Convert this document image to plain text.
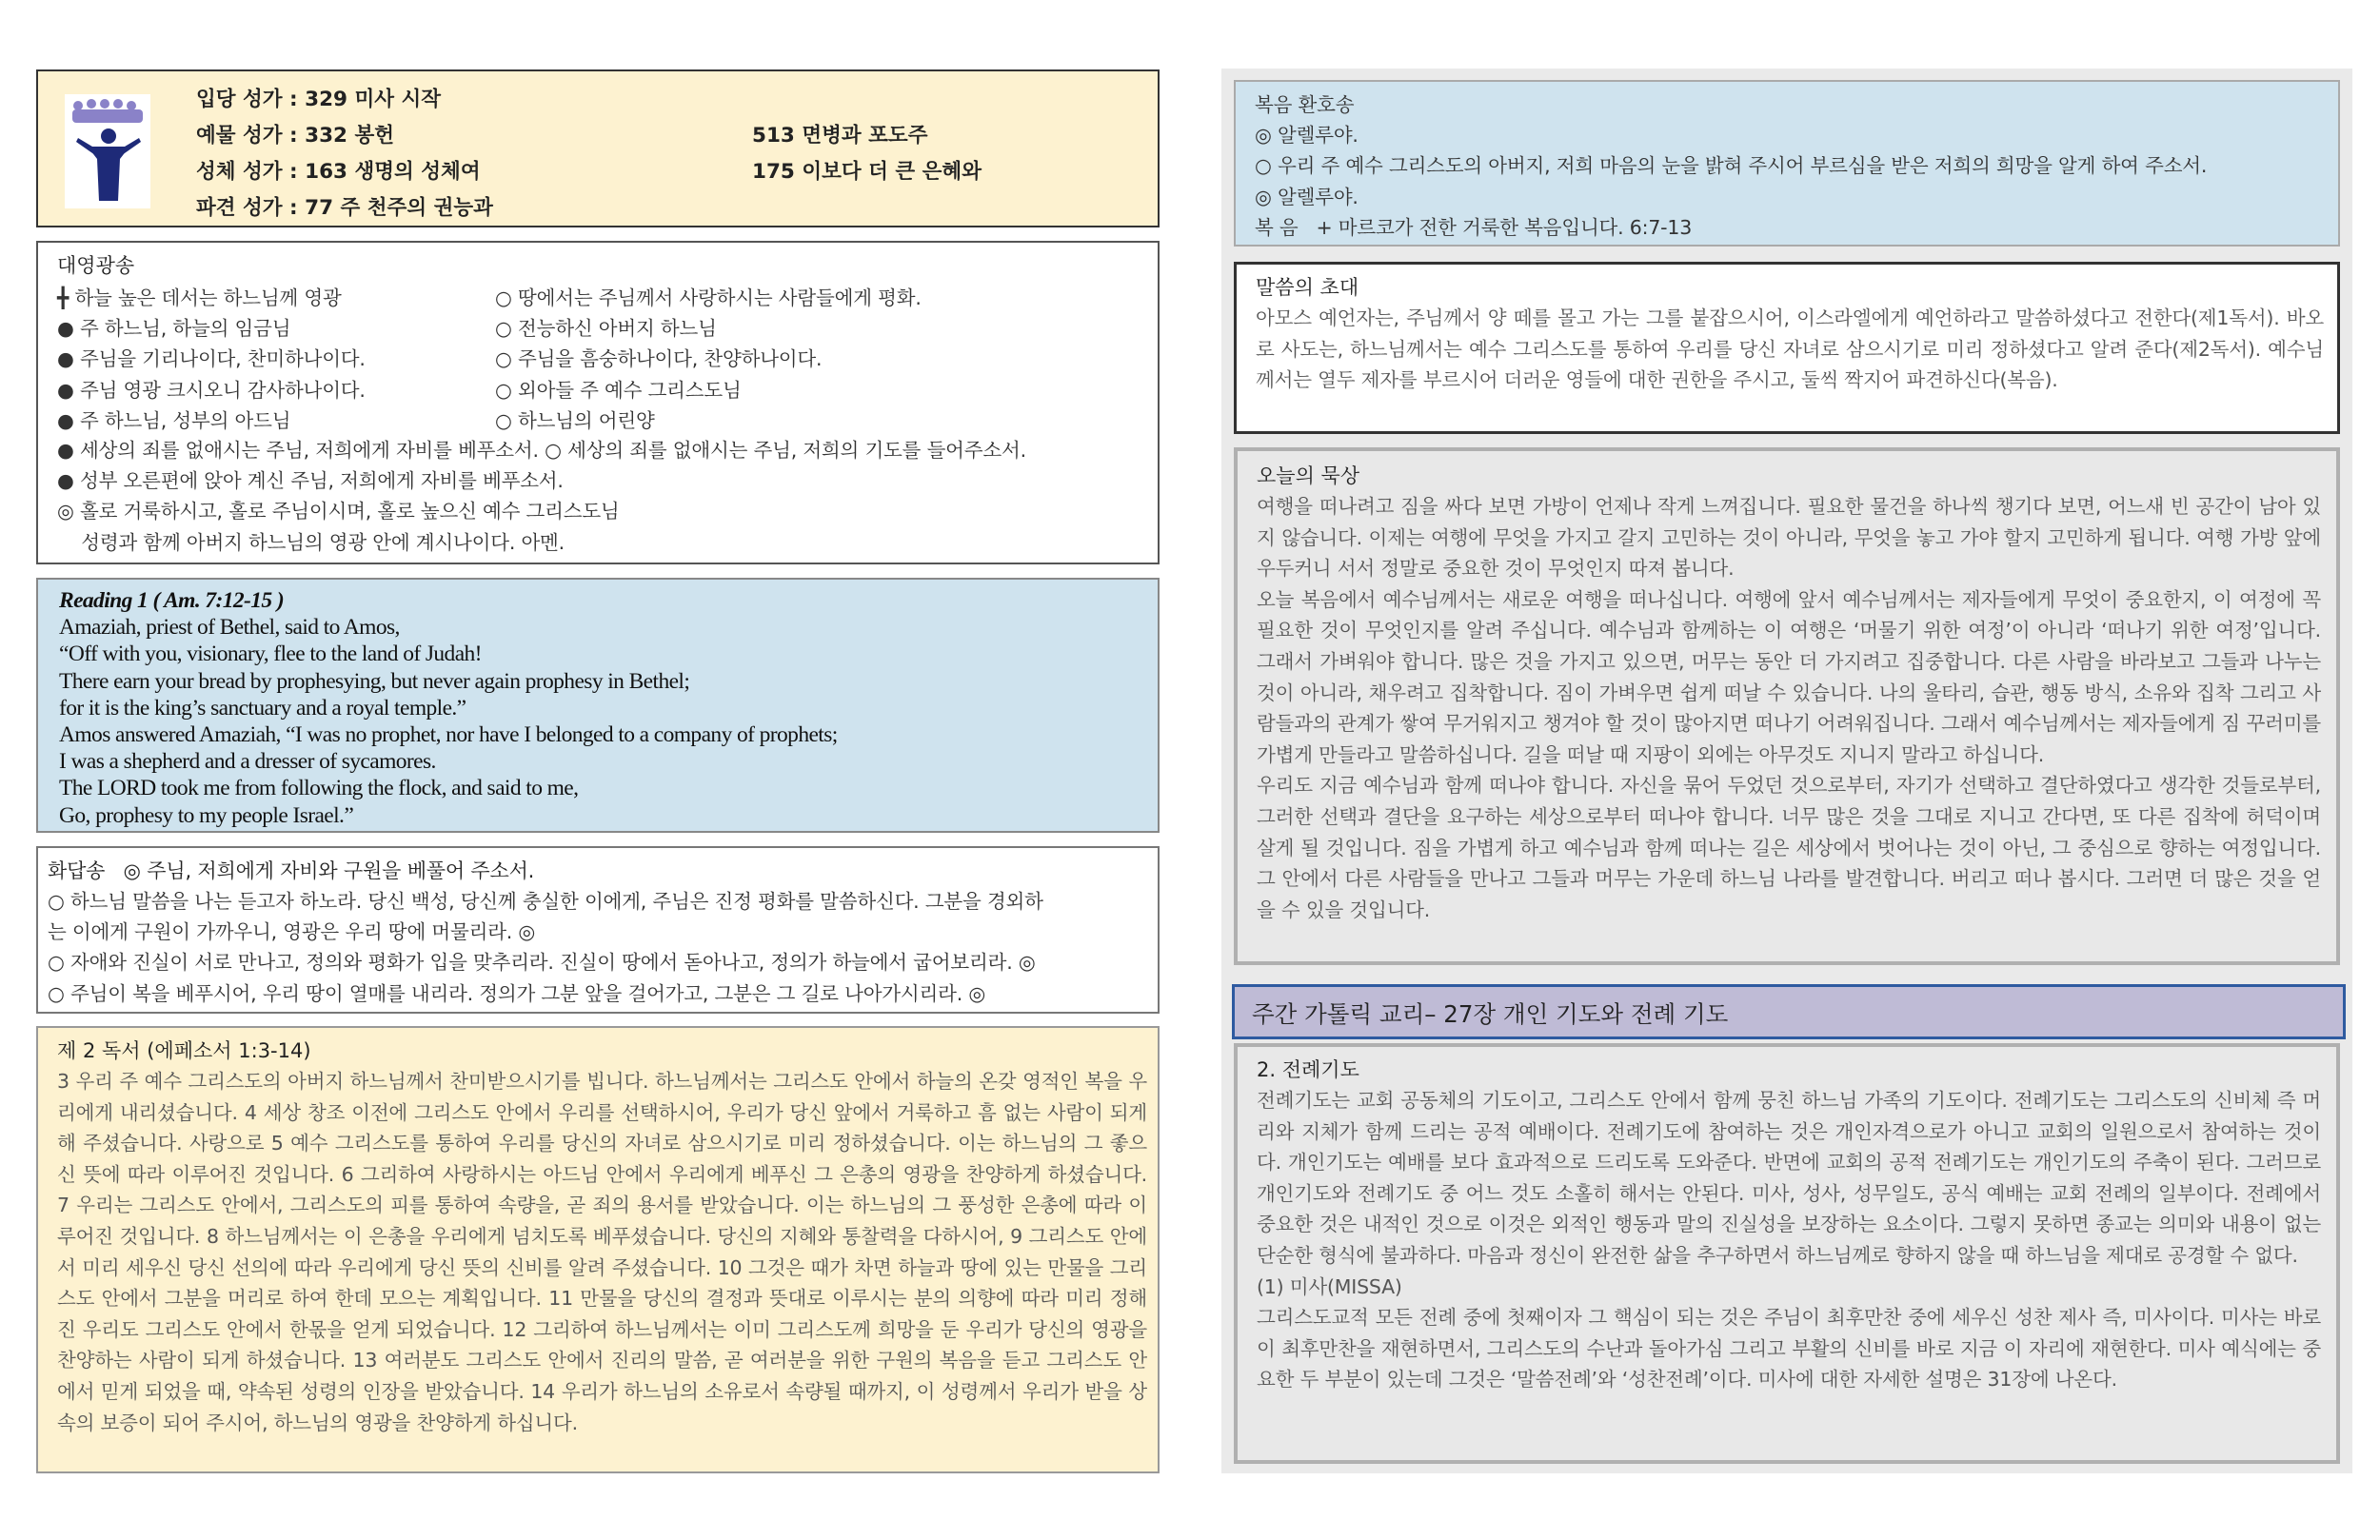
입당 성가 : 329 미사 시작
예물 성가 : 332 봉헌	513 면병과 포도주
성체 성가 : 163 생명의 성체여	175 이보다 더 큰 은혜와
파견 성가 : 77 주 천주의 권능과
대영광송
╋ 하늘 높은 데서는 하느님께 영광
● 주 하느님, 하늘의 임금님
● 주님을 기리나이다, 찬미하나이다.
● 주님 영광 크시오니 감사하나이다.
● 주 하느님, 성부의 아드님
○ 땅에서는 주님께서 사랑하시는 사람들에게 평화.
○ 전능하신 아버지 하느님
○ 주님을 흠숭하나이다, 찬양하나이다.
○ 외아들 주 예수 그리스도님
○ 하느님의 어린양
● 세상의 죄를 없애시는 주님, 저희에게 자비를 베푸소서. ○ 세상의 죄를 없애시는 주님, 저희의 기도를 들어주소서.
● 성부 오른편에 앉아 계신 주님, 저희에게 자비를 베푸소서.
◎ 홀로 거룩하시고, 홀로 주님이시며, 홀로 높으신 예수 그리스도님
성령과 함께 아버지 하느님의 영광 안에 계시나이다. 아멘.
Reading 1 ( Am. 7:12-15 )
Amaziah, priest of Bethel, said to Amos,
“Off with you, visionary, flee to the land of Judah!
There earn your bread by prophesying, but never again prophesy in Bethel;
for it is the king’s sanctuary and a royal temple.”
Amos answered Amaziah, “I was no prophet, nor have I belonged to a company of prophets;
I was a shepherd and a dresser of sycamores.
The LORD took me from following the flock, and said to me,
Go, prophesy to my people Israel.”
화답송   ◎ 주님, 저희에게 자비와 구원을 베풀어 주소서.
○ 하느님 말씀을 나는 듣고자 하노라. 당신 백성, 당신께 충실한 이에게, 주님은 진정 평화를 말씀하신다. 그분을 경외하
는 이에게 구원이 가까우니, 영광은 우리 땅에 머물리라. ◎
○ 자애와 진실이 서로 만나고, 정의와 평화가 입을 맞추리라. 진실이 땅에서 돋아나고, 정의가 하늘에서 굽어보리라. ◎
○ 주님이 복을 베푸시어, 우리 땅이 열매를 내리라. 정의가 그분 앞을 걸어가고, 그분은 그 길로 나아가시리라. ◎
제 2 독서 (에페소서 1:3-14)
3 우리 주 예수 그리스도의 아버지 하느님께서 찬미받으시기를 빕니다. 하느님께서는 그리스도 안에서 하늘의 온갖 영적인 복을 우리에게 내리셨습니다. 4 세상 창조 이전에 그리스도 안에서 우리를 선택하시어, 우리가 당신 앞에서 거룩하고 흠 없는 사람이 되게 해 주셨습니다. 사랑으로 5 예수 그리스도를 통하여 우리를 당신의 자녀로 삼으시기로 미리 정하셨습니다. 이는 하느님의 그 좋으신 뜻에 따라 이루어진 것입니다. 6 그리하여 사랑하시는 아드님 안에서 우리에게 베푸신 그 은총의 영광을 찬양하게 하셨습니다. 7 우리는 그리스도 안에서, 그리스도의 피를 통하여 속량을, 곧 죄의 용서를 받았습니다. 이는 하느님의 그 풍성한 은총에 따라 이루어진 것입니다. 8 하느님께서는 이 은총을 우리에게 넘치도록 베푸셨습니다. 당신의 지혜와 통찰력을 다하시어, 9 그리스도 안에서 미리 세우신 당신 선의에 따라 우리에게 당신 뜻의 신비를 알려 주셨습니다. 10 그것은 때가 차면 하늘과 땅에 있는 만물을 그리스도 안에서 그분을 머리로 하여 한데 모으는 계획입니다. 11 만물을 당신의 결정과 뜻대로 이루시는 분의 의향에 따라 미리 정해진 우리도 그리스도 안에서 한몫을 얻게 되었습니다. 12 그리하여 하느님께서는 이미 그리스도께 희망을 둔 우리가 당신의 영광을 찬양하는 사람이 되게 하셨습니다. 13 여러분도 그리스도 안에서 진리의 말씀, 곧 여러분을 위한 구원의 복음을 듣고 그리스도 안에서 믿게 되었을 때, 약속된 성령의 인장을 받았습니다. 14 우리가 하느님의 소유로서 속량될 때까지, 이 성령께서 우리가 받을 상속의 보증이 되어 주시어, 하느님의 영광을 찬양하게 하십니다.
복음 환호송
◎ 알렐루야.
○ 우리 주 예수 그리스도의 아버지, 저희 마음의 눈을 밝혀 주시어 부르심을 받은 저희의 희망을 알게 하여 주소서.
◎ 알렐루야.
복 음   + 마르코가 전한 거룩한 복음입니다. 6:7-13
말씀의 초대
아모스 예언자는, 주님께서 양 떼를 몰고 가는 그를 붙잡으시어, 이스라엘에게 예언하라고 말씀하셨다고 전한다(제1독서). 바오로 사도는, 하느님께서는 예수 그리스도를 통하여 우리를 당신 자녀로 삼으시기로 미리 정하셨다고 알려 준다(제2독서). 예수님께서는 열두 제자를 부르시어 더러운 영들에 대한 권한을 주시고, 둘씩 짝지어 파견하신다(복음).
오늘의 묵상
여행을 떠나려고 짐을 싸다 보면 가방이 언제나 작게 느껴집니다. 필요한 물건을 하나씩 챙기다 보면, 어느새 빈 공간이 남아 있지 않습니다. 이제는 여행에 무엇을 가지고 갈지 고민하는 것이 아니라, 무엇을 놓고 가야 할지 고민하게 됩니다. 여행 가방 앞에 우두커니 서서 정말로 중요한 것이 무엇인지 따져 봅니다.
오늘 복음에서 예수님께서는 새로운 여행을 떠나십니다. 여행에 앞서 예수님께서는 제자들에게 무엇이 중요한지, 이 여정에 꼭 필요한 것이 무엇인지를 알려 주십니다. 예수님과 함께하는 이 여행은 ‘머물기 위한 여정’이 아니라 ‘떠나기 위한 여정’입니다. 그래서 가벼워야 합니다. 많은 것을 가지고 있으면, 머무는 동안 더 가지려고 집중합니다. 다른 사람을 바라보고 그들과 나누는 것이 아니라, 채우려고 집착합니다. 짐이 가벼우면 쉽게 떠날 수 있습니다. 나의 울타리, 습관, 행동 방식, 소유와 집착 그리고 사람들과의 관계가 쌓여 무거워지고 챙겨야 할 것이 많아지면 떠나기 어려워집니다. 그래서 예수님께서는 제자들에게 짐 꾸러미를 가볍게 만들라고 말씀하십니다. 길을 떠날 때 지팡이 외에는 아무것도 지니지 말라고 하십니다.
우리도 지금 예수님과 함께 떠나야 합니다. 자신을 묶어 두었던 것으로부터, 자기가 선택하고 결단하였다고 생각한 것들로부터, 그러한 선택과 결단을 요구하는 세상으로부터 떠나야 합니다. 너무 많은 것을 그대로 지니고 간다면, 또 다른 집착에 허덕이며 살게 될 것입니다. 짐을 가볍게 하고 예수님과 함께 떠나는 길은 세상에서 벗어나는 것이 아닌, 그 중심으로 향하는 여정입니다. 그 안에서 다른 사람들을 만나고 그들과 머무는 가운데 하느님 나라를 발견합니다. 버리고 떠나 봅시다. 그러면 더 많은 것을 얻을 수 있을 것입니다.
주간 가톨릭 교리– 27장 개인 기도와 전례 기도
2. 전례기도
전례기도는 교회 공동체의 기도이고, 그리스도 안에서 함께 뭉친 하느님 가족의 기도이다. 전례기도는 그리스도의 신비체 즉 머리와 지체가 함께 드리는 공적 예배이다. 전례기도에 참여하는 것은 개인자격으로가 아니고 교회의 일원으로서 참여하는 것이다. 개인기도는 예배를 보다 효과적으로 드리도록 도와준다. 반면에 교회의 공적 전례기도는 개인기도의 주축이 된다. 그러므로 개인기도와 전례기도 중 어느 것도 소홀히 해서는 안된다. 미사, 성사, 성무일도, 공식 예배는 교회 전례의 일부이다. 전례에서 중요한 것은 내적인 것으로 이것은 외적인 행동과 말의 진실성을 보장하는 요소이다. 그렇지 못하면 종교는 의미와 내용이 없는 단순한 형식에 불과하다. 마음과 정신이 완전한 삶을 추구하면서 하느님께로 향하지 않을 때 하느님을 제대로 공경할 수 없다.
(1) 미사(MISSA)
그리스도교적 모든 전례 중에 첫째이자 그 핵심이 되는 것은 주님이 최후만찬 중에 세우신 성찬 제사 즉, 미사이다. 미사는 바로 이 최후만찬을 재현하면서, 그리스도의 수난과 돌아가심 그리고 부활의 신비를 바로 지금 이 자리에 재현한다. 미사 예식에는 중요한 두 부분이 있는데 그것은 ‘말씀전례’와 ‘성찬전례’이다. 미사에 대한 자세한 설명은 31장에 나온다.
